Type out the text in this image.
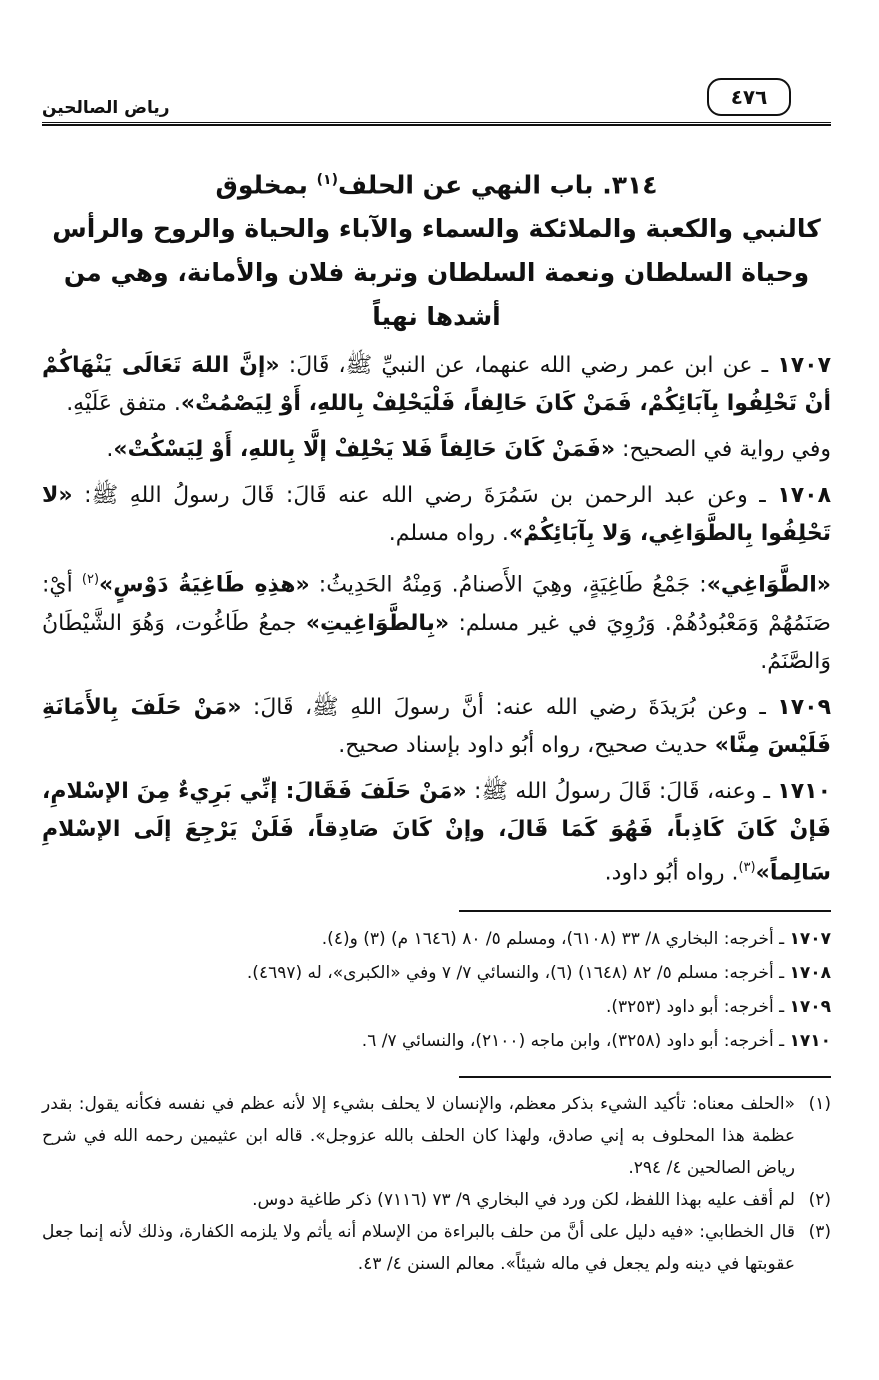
٤٧٦
رياض الصالحين

٣١٤. باب النهي عن الحلف$^{(١)}$ بمخلوق

كالنبي والكعبة والملائكة والسماء والآباء والحياة والروح والرأس

وحياة السلطان ونعمة السلطان وتربة فلان والأمانة، وهي من أشدها نهياً

١٧٠٧ ـ عن ابن عمر رضي الله عنهما، عن النبيِّ ﷺ، قَالَ: «إنَّ اللهَ تَعَالَى يَنْهَاكُمْ أنْ تَحْلِفُوا بِآبَائِكُمْ، فَمَنْ كَانَ حَالِفاً، فَلْيَحْلِفْ بِاللهِ، أَوْ لِيَصْمُتْ». متفق عَلَيْهِ.

وفي رواية في الصحيح: «فَمَنْ كَانَ حَالِفاً فَلا يَحْلِفْ إلَّا بِاللهِ، أَوْ لِيَسْكُتْ».

١٧٠٨ ـ وعن عبد الرحمن بن سَمُرَةَ رضي الله عنه قَالَ: قَالَ رسولُ اللهِ ﷺ: «لا تَحْلِفُوا بِالطَّوَاغِي، وَلا بِآبَائِكُمْ». رواه مسلم.

«الطَّوَاغِي»: جَمْعُ طَاغِيَةٍ، وهِيَ الأَصنامُ. وَمِنْهُ الحَدِيثُ: «هذِهِ طَاغِيَةُ دَوْسٍ»$^{(٢)}$ أيْ: صَنَمُهُمْ وَمَعْبُودُهُمْ. وَرُوِيَ في غير مسلم: «بِالطَّوَاغِيتِ» جمعُ طَاغُوت، وَهُوَ الشَّيْطَانُ وَالصَّنَمُ.

١٧٠٩ ـ وعن بُرَيدَةَ رضي الله عنه: أنَّ رسولَ اللهِ ﷺ، قَالَ: «مَنْ حَلَفَ بِالأَمَانَةِ فَلَيْسَ مِنَّا» حديث صحيح، رواه أبُو داود بإسناد صحيح.

١٧١٠ ـ وعنه، قَالَ: قَالَ رسولُ الله ﷺ: «مَنْ حَلَفَ فَقَالَ: إنِّي بَرِيءٌ مِنَ الإسْلامِ، فَإنْ كَانَ كَاذِباً، فَهُوَ كَمَا قَالَ، وإنْ كَانَ صَادِقاً، فَلَنْ يَرْجِعَ إلَى الإسْلامِ سَالِماً»$^{(٣)}$. رواه أبُو داود.

١٧٠٧ ـ أخرجه: البخاري ٨/ ٣٣ (٦١٠٨)، ومسلم ٥/ ٨٠ (١٦٤٦ م) (٣) و(٤).

١٧٠٨ ـ أخرجه: مسلم ٥/ ٨٢ (١٦٤٨) (٦)، والنسائي ٧/ ٧ وفي «الكبرى»، له (٤٦٩٧).

١٧٠٩ ـ أخرجه: أبو داود (٣٢٥٣).

١٧١٠ ـ أخرجه: أبو داود (٣٢٥٨)، وابن ماجه (٢١٠٠)، والنسائي ٧/ ٦.

(١)
«الحلف معناه: تأكيد الشيء بذكر معظم، والإنسان لا يحلف بشيء إلا لأنه عظم في نفسه فكأنه يقول: بقدر عظمة هذا المحلوف به إني صادق، ولهذا كان الحلف بالله عزوجل». قاله ابن عثيمين رحمه الله في شرح رياض الصالحين ٤/ ٢٩٤.

(٢)
لم أقف عليه بهذا اللفظ، لكن ورد في البخاري ٩/ ٧٣ (٧١١٦) ذكر طاغية دوس.

(٣)
قال الخطابي: «فيه دليل على أنَّ من حلف بالبراءة من الإسلام أنه يأثم ولا يلزمه الكفارة، وذلك لأنه إنما جعل عقوبتها في دينه ولم يجعل في ماله شيئاً». معالم السنن ٤/ ٤٣.
